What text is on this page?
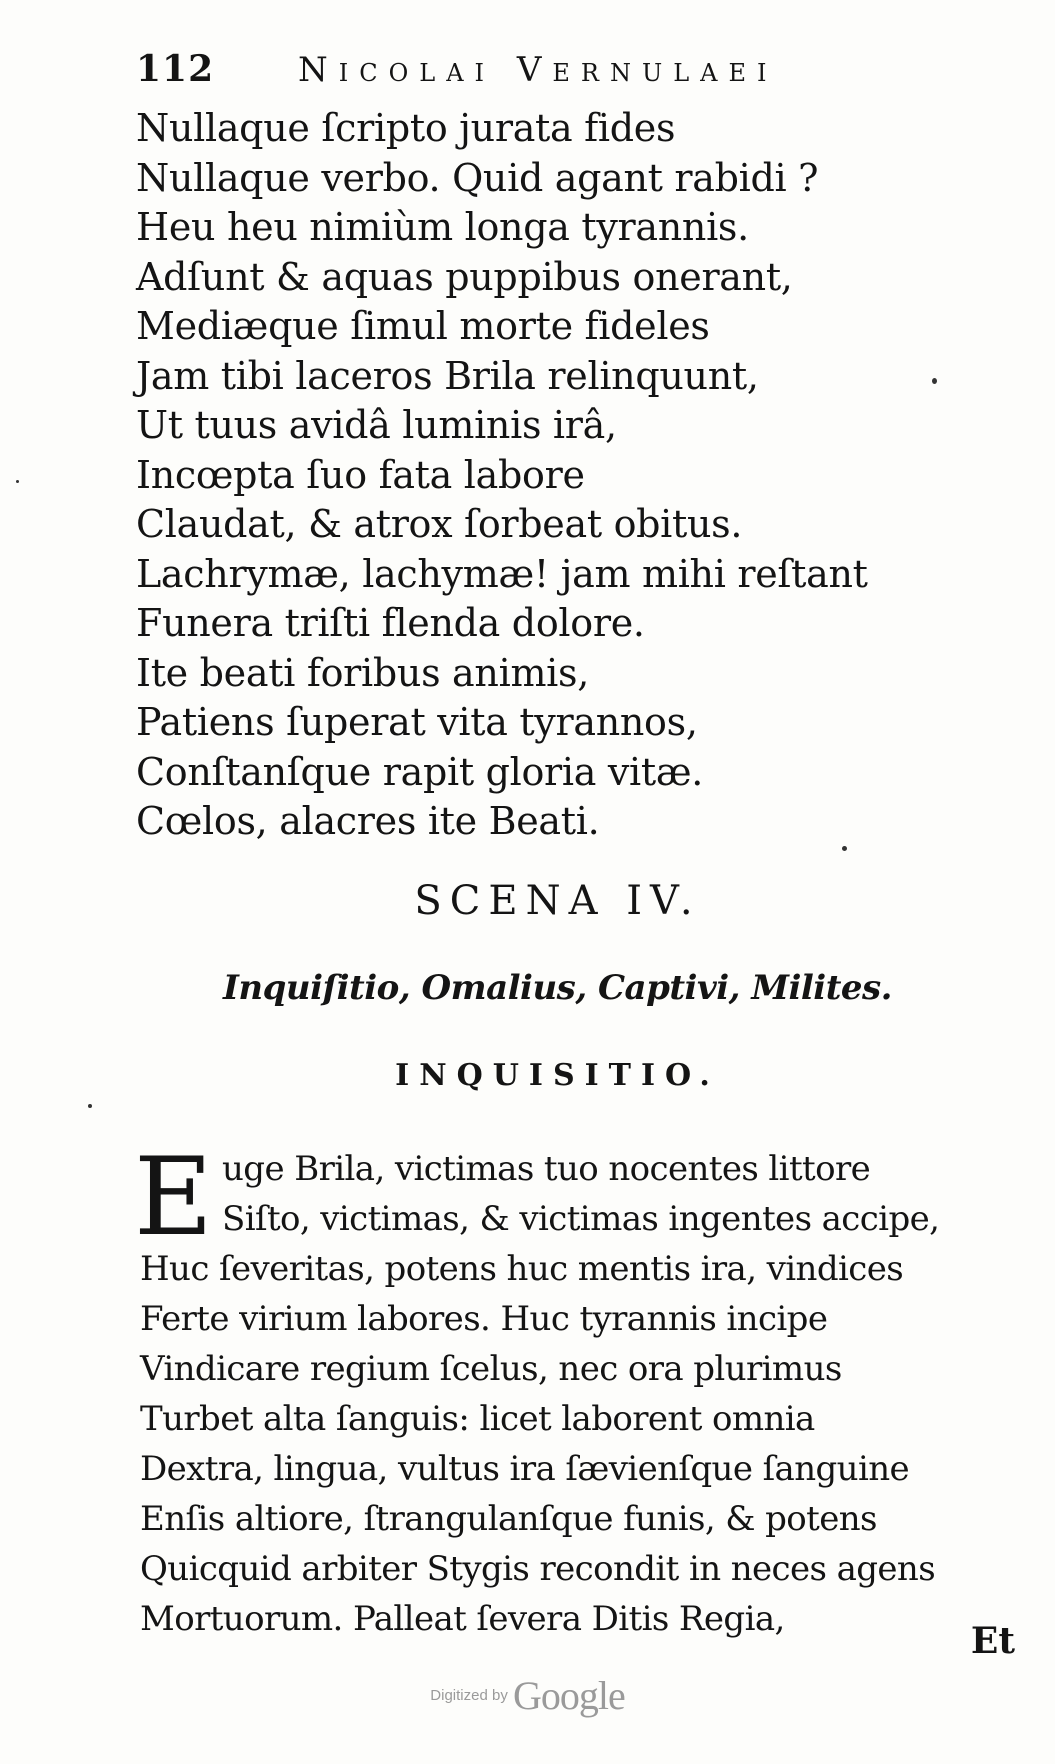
112 Nicolai Vernulaei
Nullaque ſcripto jurata fides
Nullaque verbo. Quid agant rabidi ?
Heu heu nimiùm longa tyrannis.
Adſunt & aquas puppibus onerant,
Mediæque ſimul morte fideles
Jam tibi laceros Brila relinquunt,
Ut tuus avidâ luminis irâ,
Incœpta ſuo fata labore
Claudat, & atrox ſorbeat obitus.
Lachrymæ, lachymæ! jam mihi reſtant
Funera triſti flenda dolore.
Ite beati foribus animis,
Patiens ſuperat vita tyrannos,
Conſtanſque rapit gloria vitæ.
Cœlos, alacres ite Beati.
SCENA IV.
Inquiſitio, Omalius, Captivi, Milites.
INQUISITIO.
E uge Brila, victimas tuo nocentes littore
Siſto, victimas, & victimas ingentes accipe,
Huc ſeveritas, potens huc mentis ira, vindices
Ferte virium labores. Huc tyrannis incipe
Vindicare regium ſcelus, nec ora plurimus
Turbet alta ſanguis: licet laborent omnia
Dextra, lingua, vultus ira ſævienſque ſanguine
Enſis altiore, ſtrangulanſque funis, & potens
Quicquid arbiter Stygis recondit in neces agens
Mortuorum. Palleat ſevera Ditis Regia,
Et
Digitized by Google
